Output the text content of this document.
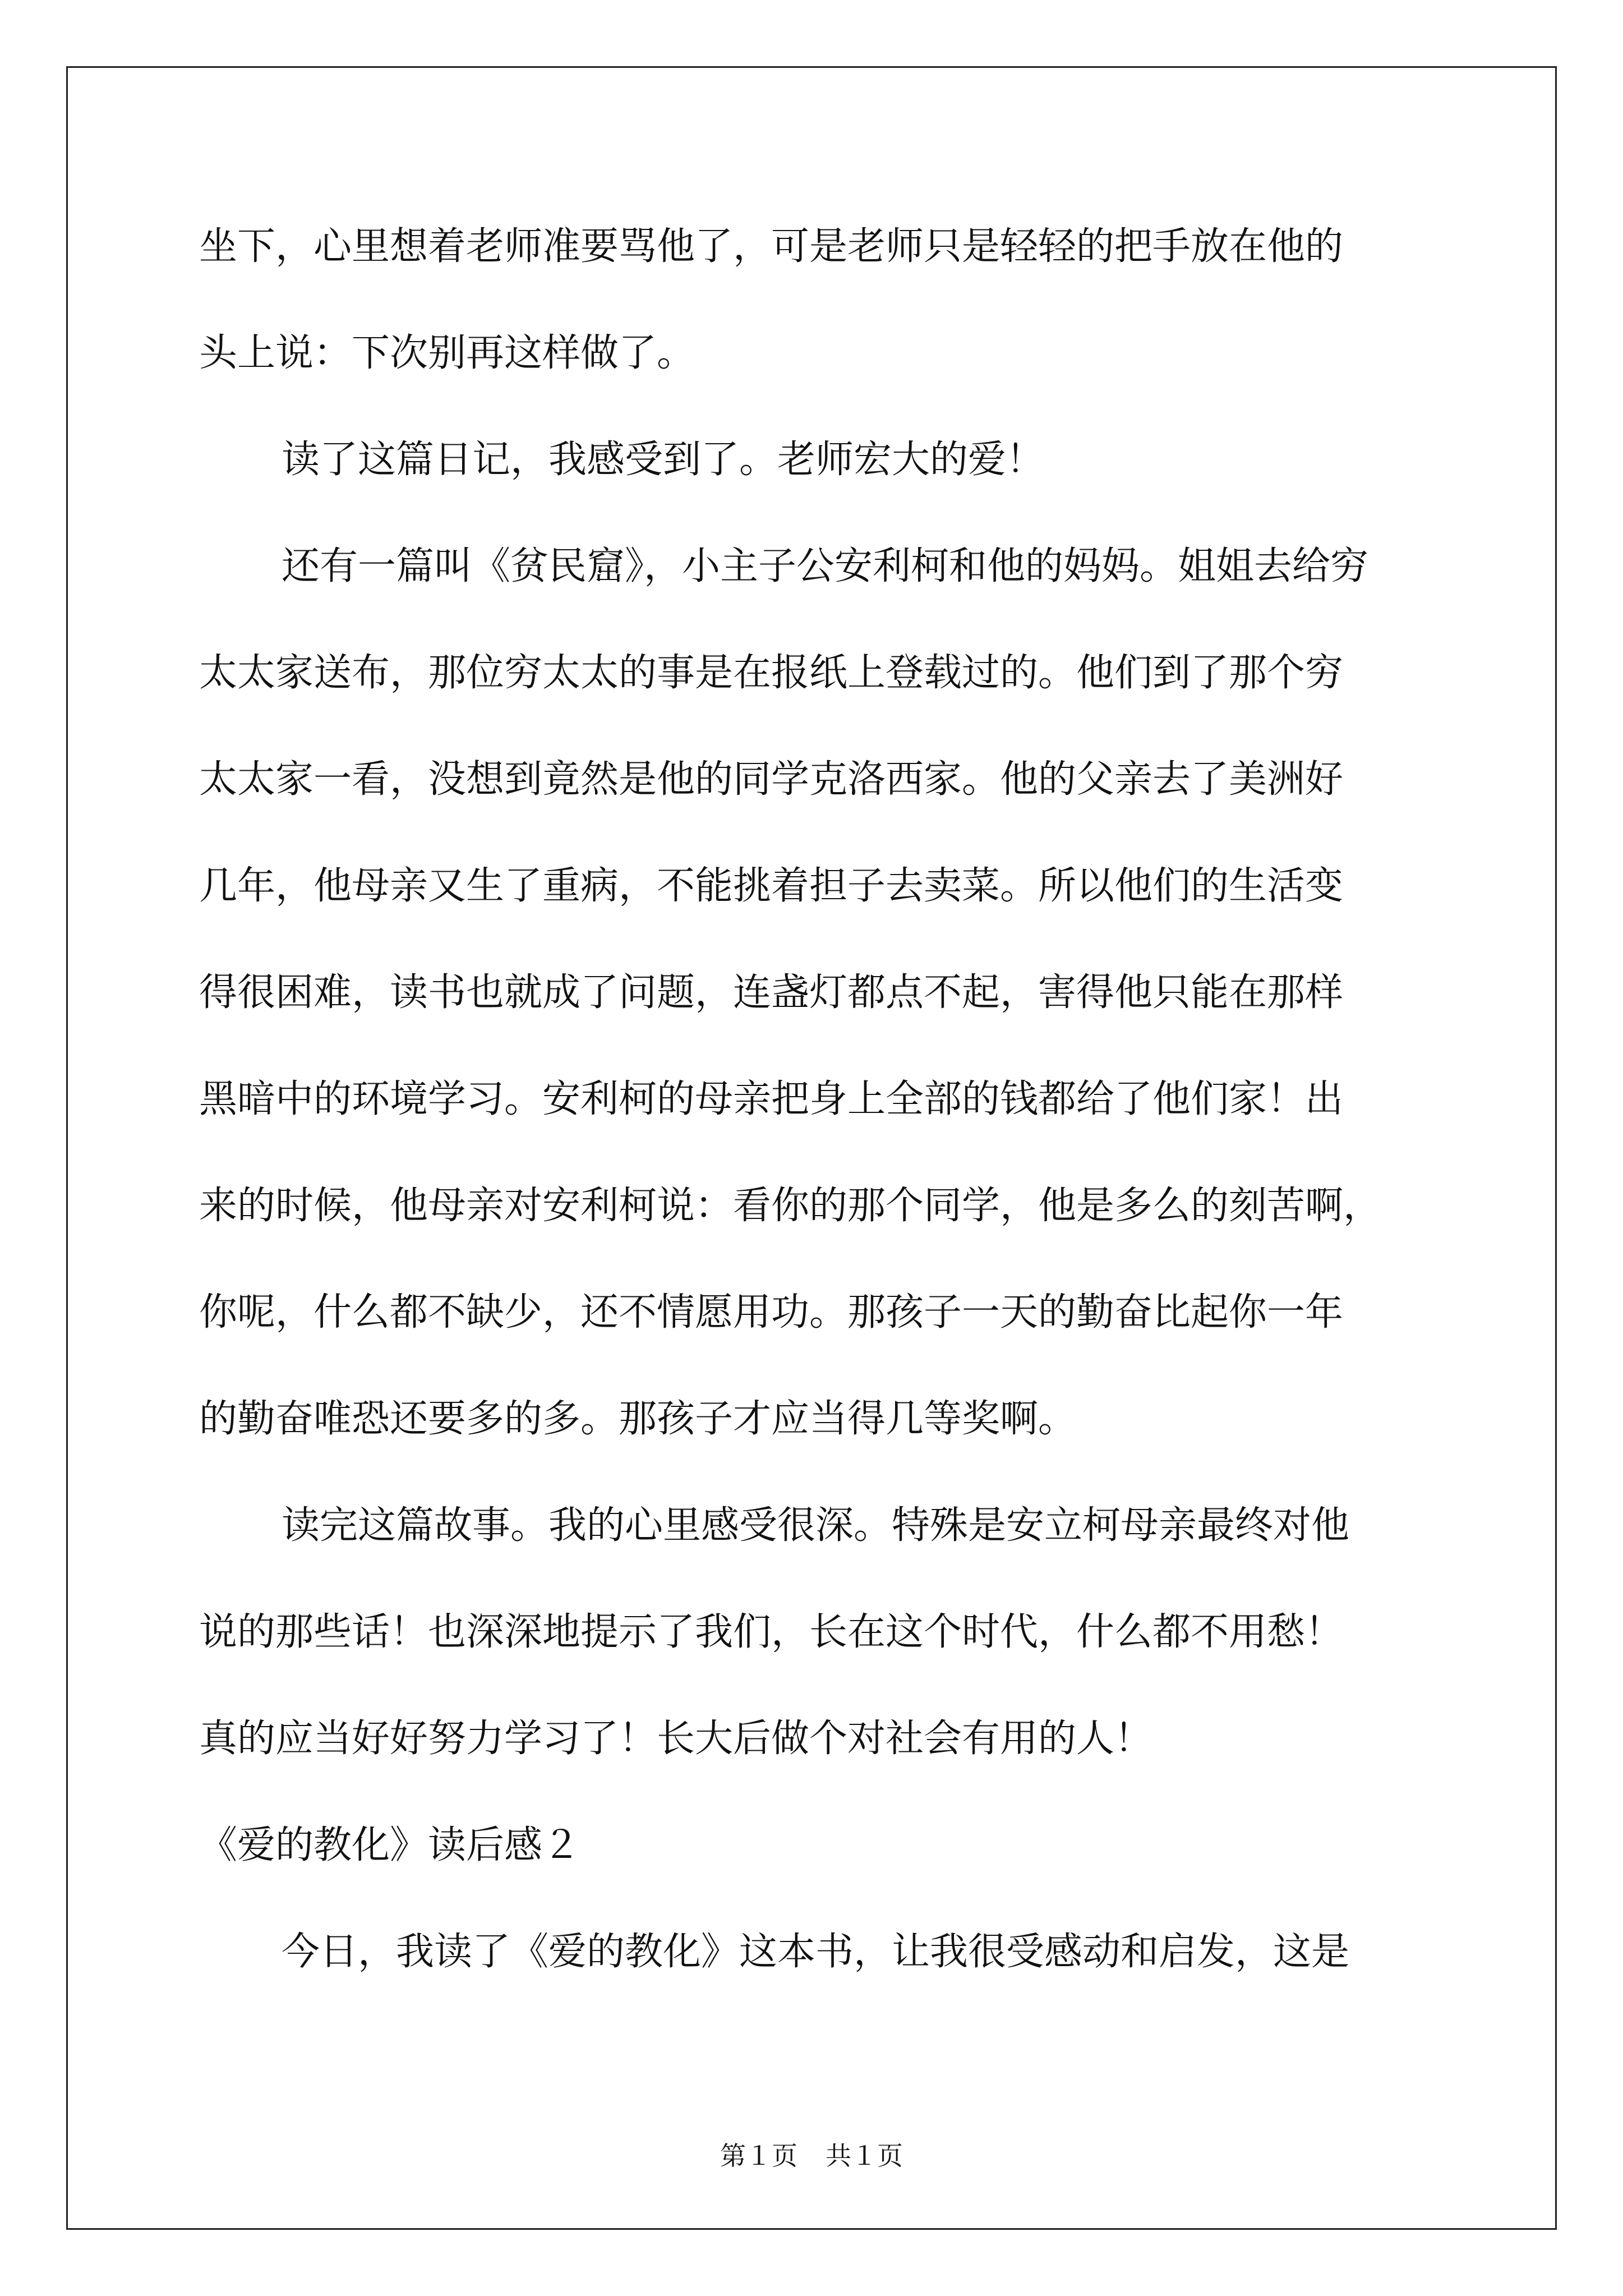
坐下，心里想着老师准要骂他了，可是老师只是轻轻的把手放在他的
头上说：下次别再这样做了。
读了这篇日记，我感受到了。老师宏大的爱！
还有一篇叫《贫民窟》，小主子公安利柯和他的妈妈。姐姐去给穷
太太家送布，那位穷太太的事是在报纸上登载过的。他们到了那个穷
太太家一看，没想到竟然是他的同学克洛西家。他的父亲去了美洲好
几年，他母亲又生了重病，不能挑着担子去卖菜。所以他们的生活变
得很困难，读书也就成了问题，连盏灯都点不起，害得他只能在那样
黑暗中的环境学习。安利柯的母亲把身上全部的钱都给了他们家！出
来的时候，他母亲对安利柯说：看你的那个同学，他是多么的刻苦啊，
你呢，什么都不缺少，还不情愿用功。那孩子一天的勤奋比起你一年
的勤奋唯恐还要多的多。那孩子才应当得几等奖啊。
读完这篇故事。我的心里感受很深。特殊是安立柯母亲最终对他
说的那些话！也深深地提示了我们，长在这个时代，什么都不用愁！
真的应当好好努力学习了！长大后做个对社会有用的人！
《爱的教化》读后感２
今日，我读了《爱的教化》这本书，让我很受感动和启发，这是
第１页 共１页
